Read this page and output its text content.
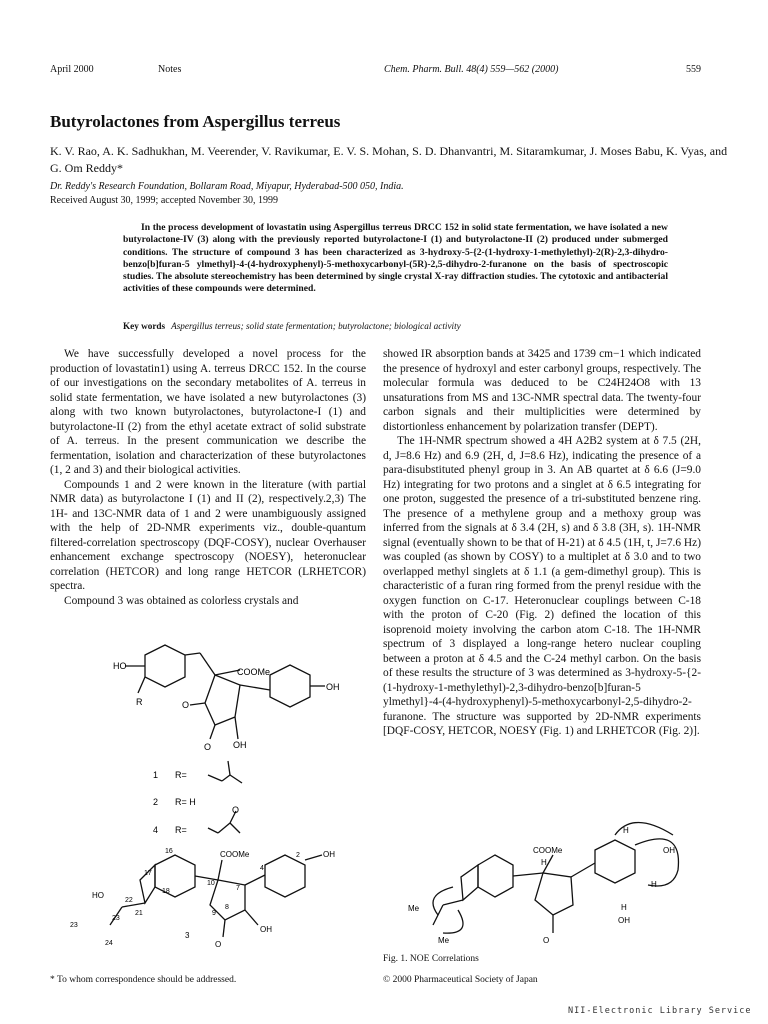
April 2000	Notes	Chem. Pharm. Bull. 48(4) 559—562 (2000)	559
Butyrolactones from Aspergillus terreus
K. V. Rao, A. K. Sadhukhan, M. Veerender, V. Ravikumar, E. V. S. Mohan, S. D. Dhanvantri, M. Sitaramkumar, J. Moses Babu, K. Vyas, and G. Om Reddy*
Dr. Reddy's Research Foundation, Bollaram Road, Miyapur, Hyderabad-500 050, India.
Received August 30, 1999; accepted November 30, 1999
In the process development of lovastatin using Aspergillus terreus DRCC 152 in solid state fermentation, we have isolated a new butyrolactone-IV (3) along with the previously reported butyrolactone-I (1) and butyrolactone-II (2) produced under submerged conditions. The structure of compound 3 has been characterized as 3-hydroxy-5-{2-(1-hydroxy-1-methylethyl)-2(R)-2,3-dihydro-benzo[b]furan-5 ylmethyl}-4-(4-hydroxyphenyl)-5-methoxycarbonyl-(5R)-2,5-dihydro-2-furanone on the basis of spectroscopic studies. The absolute stereochemistry has been determined by single crystal X-ray diffraction studies. The cytotoxic and antibacterial activities of these compounds were determined.
Key words Aspergillus terreus; solid state fermentation; butyrolactone; biological activity

We have successfully developed a novel process for the production of lovastatin1) using A. terreus DRCC 152. In the course of our investigations on the secondary metabolites of A. terreus in solid state fermentation, we have isolated a new butyrolactones (3) along with two known butyrolactones, butyrolactone-I (1) and butyrolactone-II (2) from the ethyl acetate extract of solid substrate of A. terreus. In the present communication we describe the fermentation, isolation and characterization of these butyrolactones (1, 2 and 3) and their biological activities.

Compounds 1 and 2 were known in the literature (with partial NMR data) as butyrolactone I (1) and II (2), respectively.2,3) The 1H- and 13C-NMR data of 1 and 2 were unambiguously assigned with the help of 2D-NMR experiments viz., double-quantum filtered-correlation spectroscopy (DQF-COSY), nuclear Overhauser enhancement exchange spectroscopy (NOESY), heteronuclear correlation (HETCOR) and long range HETCOR (LRHETCOR) spectra.

Compound 3 was obtained as colorless crystals and

showed IR absorption bands at 3425 and 1739 cm−1 which indicated the presence of hydroxyl and ester carbonyl groups, respectively. The molecular formula was deduced to be C24H24O8 with 13 unsaturations from MS and 13C-NMR spectral data. The twenty-four carbon signals and their multiplicities were determined by distortionless enhancement by polarization transfer (DEPT).

The 1H-NMR spectrum showed a 4H A2B2 system at δ 7.5 (2H, d, J=8.6 Hz) and 6.9 (2H, d, J=8.6 Hz), indicating the presence of a para-disubstituted phenyl group in 3. An AB quartet at δ 6.6 (J=9.0 Hz) integrating for two protons and a singlet at δ 6.5 integrating for one proton, suggested the presence of a tri-substituted benzene ring. The presence of a methylene group and a methoxy group was inferred from the signals at δ 3.4 (2H, s) and δ 3.8 (3H, s). 1H-NMR signal (eventually shown to be that of H-21) at δ 4.5 (1H, t, J=7.6 Hz) was coupled (as shown by COSY) to a multiplet at δ 3.0 and to two overlapped methyl singlets at δ 1.1 (a gem-dimethyl group). This is characteristic of a furan ring formed from the prenyl residue with the oxygen function on C-17. Heteronuclear couplings between C-18 with the proton of C-20 (Fig. 2) defined the location of this isoprenoid moiety involving the carbon atom C-18. The 1H-NMR spectrum of 3 displayed a long-range hetero nuclear coupling between a proton at δ 4.5 and the C-24 methyl carbon. On the basis of these results the structure of 3 was determined as 3-hydroxy-5-{2-(1-hydroxy-1-methylethyl)-2,3-dihydro-benzo[b]furan-5 ylmethyl}-4-(4-hydroxyphenyl)-5-methoxycarbonyl-2,5-dihydro-2-furanone. The structure was supported by 2D-NMR experiments [DQF-COSY, HETCOR, NOESY (Fig. 1) and LRHETCOR (Fig. 2)].

HO
R
COOMe
OH
O
O OH
1 R=
2 R= H
4 R=
O
HO
O
OH
OH
COOMe
3
2
4
7
8
9
10
16
17
18
21
22
23
23
24
COOMe
O
OH
OH
Me
Me
H
H
H
H
Fig. 1. NOE Correlations
* To whom correspondence should be addressed.	© 2000 Pharmaceutical Society of Japan
NII-Electronic Library Service
